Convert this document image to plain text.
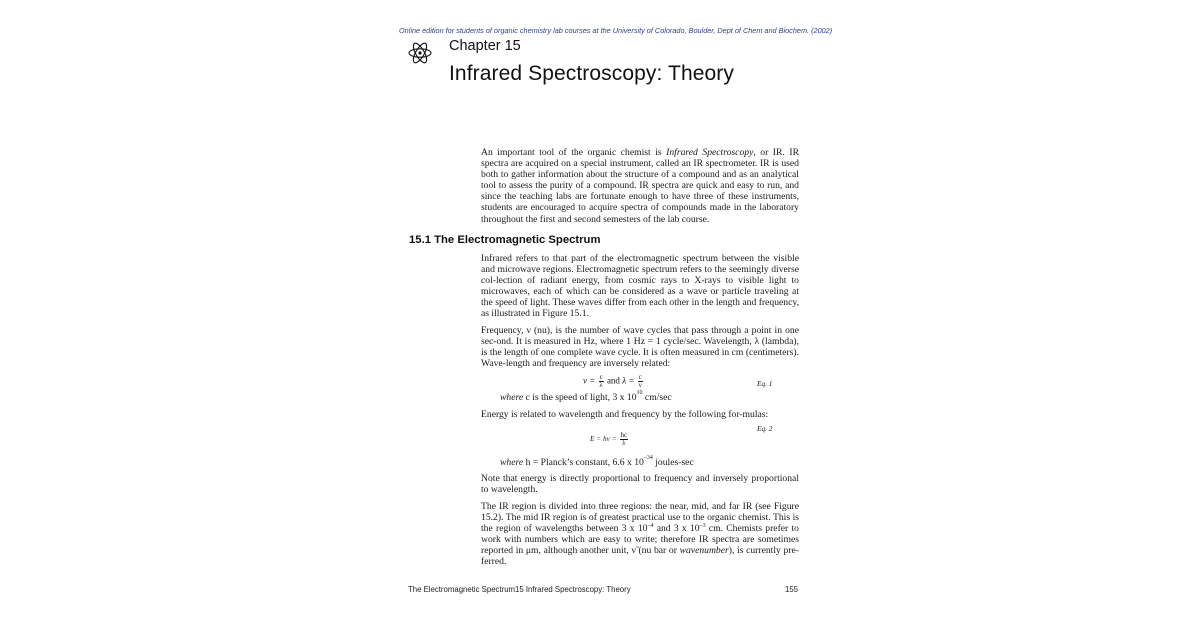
Online edition for students of organic chemistry lab courses at the University of Colorado, Boulder, Dept of Chem and Biochem. (2002)
Chapter 15
Infrared Spectroscopy: Theory
An important tool of the organic chemist is Infrared Spectroscopy, or IR. IR spectra are acquired on a special instrument, called an IR spectrometer. IR is used both to gather information about the structure of a compound and as an analytical tool to assess the purity of a compound. IR spectra are quick and easy to run, and since the teaching labs are fortunate enough to have three of these instruments, students are encouraged to acquire spectra of compounds made in the laboratory throughout the first and second semesters of the lab course.
15.1 The Electromagnetic Spectrum
Infrared refers to that part of the electromagnetic spectrum between the visible and microwave regions. Electromagnetic spectrum refers to the seemingly diverse col-lection of radiant energy, from cosmic rays to X-rays to visible light to microwaves, each of which can be considered as a wave or particle traveling at the speed of light. These waves differ from each other in the length and frequency, as illustrated in Figure 15.1.
Frequency, ν (nu), is the number of wave cycles that pass through a point in one sec-ond. It is measured in Hz, where 1 Hz = 1 cycle/sec. Wavelength, λ (lambda), is the length of one complete wave cycle. It is often measured in cm (centimeters). Wave-length and frequency are inversely related:
$\nu = \frac{c}{\lambda}$ and $\lambda = \frac{c}{\nu}$	Eq. 1
where c is the speed of light, 3 x $10^{10}$ cm/sec
Energy is related to wavelength and frequency by the following for-mulas:
$E = h\nu = \frac{hc}{\lambda}$
Eq. 2
where h = Planck’s constant, 6.6 x $10^{-34}$ joules-sec
Note that energy is directly proportional to frequency and inversely proportional to wavelength.
The IR region is divided into three regions: the near, mid, and far IR (see Figure 15.2). The mid IR region is of greatest practical use to the organic chemist. This is the region of wavelengths between 3 x $10^{-4}$ and 3 x $10^{-3}$ cm. Chemists prefer to work with numbers which are easy to write; therefore IR spectra are sometimes reported in μm, although another unit, ν̃ (nu bar or wavenumber), is currently pre-ferred.
The Electromagnetic Spectrum15 Infrared Spectroscopy: Theory	155
